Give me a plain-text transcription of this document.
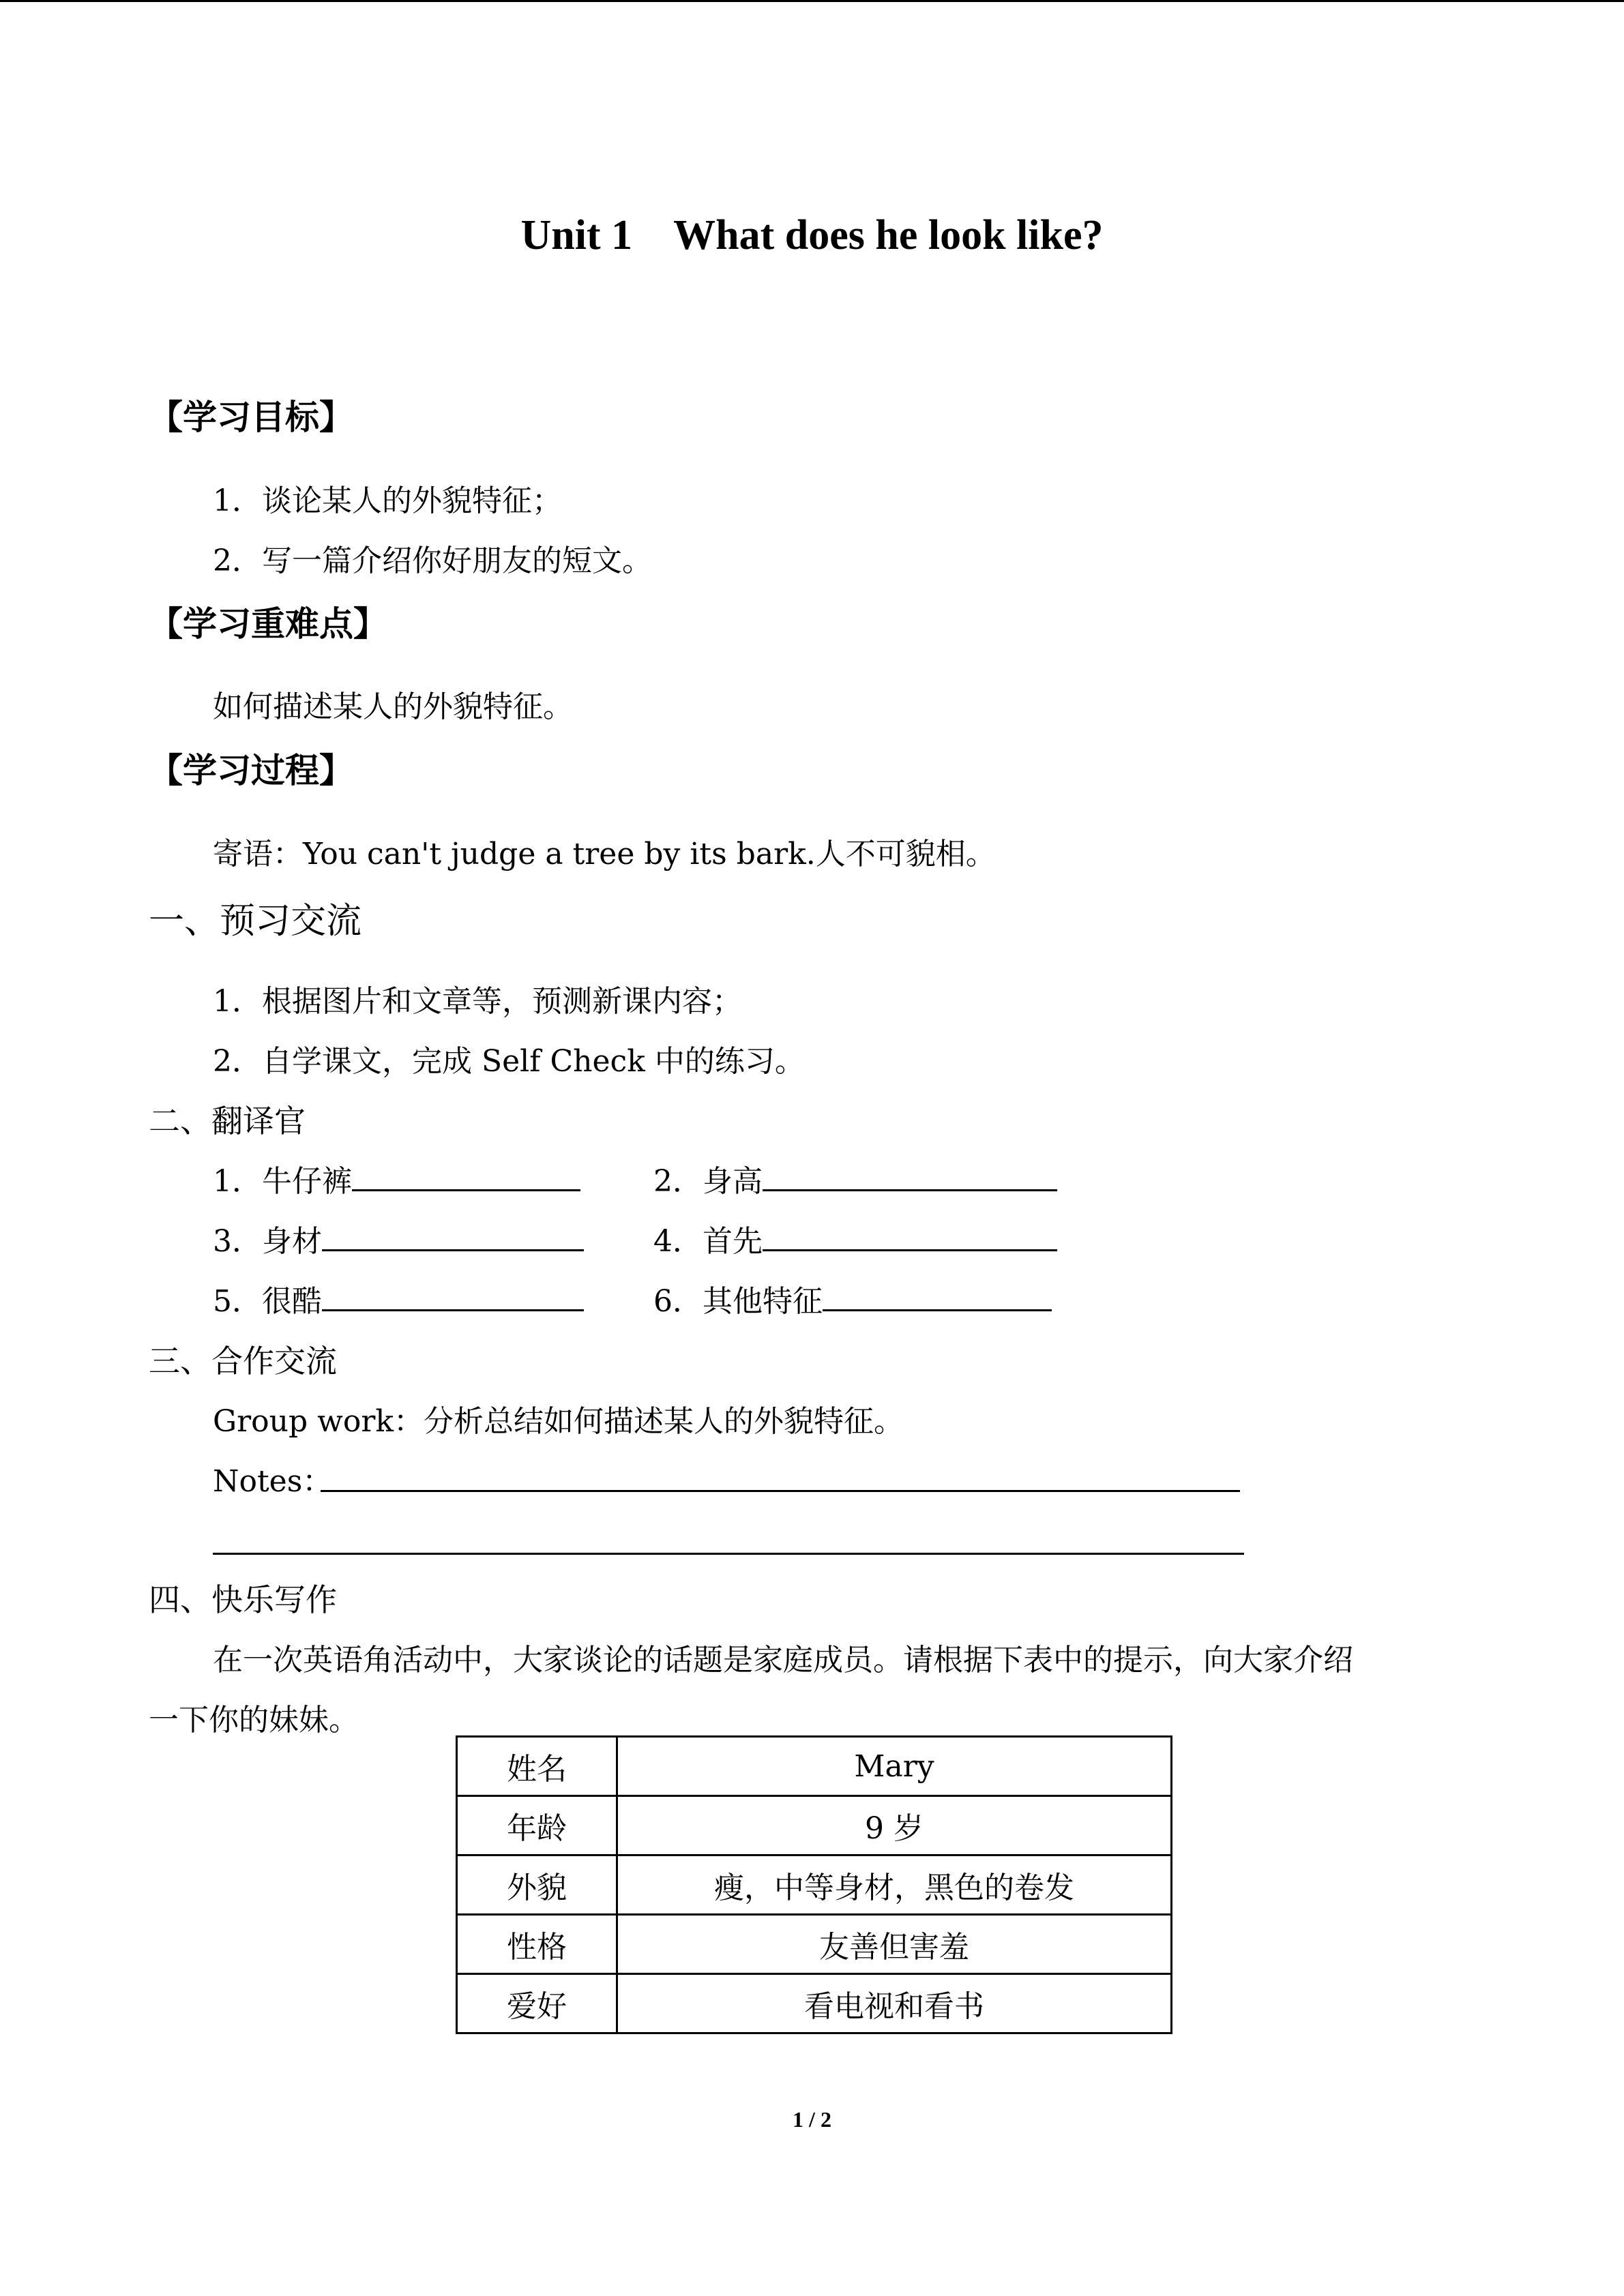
Unit 1 What does he look like?
【学习目标】
1．谈论某人的外貌特征；
2．写一篇介绍你好朋友的短文。
【学习重难点】
如何描述某人的外貌特征。
【学习过程】
寄语：You can't judge a tree by its bark.人不可貌相。
一、预习交流
1．根据图片和文章等，预测新课内容；
2．自学课文，完成 Self Check 中的练习。
二、翻译官
1．牛仔裤	2．身高
3．身材	4．首先
5．很酷	6．其他特征
三、合作交流
Group work：分析总结如何描述某人的外貌特征。
Notes：
四、快乐写作
在一次英语角活动中，大家谈论的话题是家庭成员。请根据下表中的提示，向大家介绍
一下你的妹妹。
姓名	Mary
年龄	9 岁
外貌	瘦，中等身材，黑色的卷发
性格	友善但害羞
爱好	看电视和看书
1 / 2
